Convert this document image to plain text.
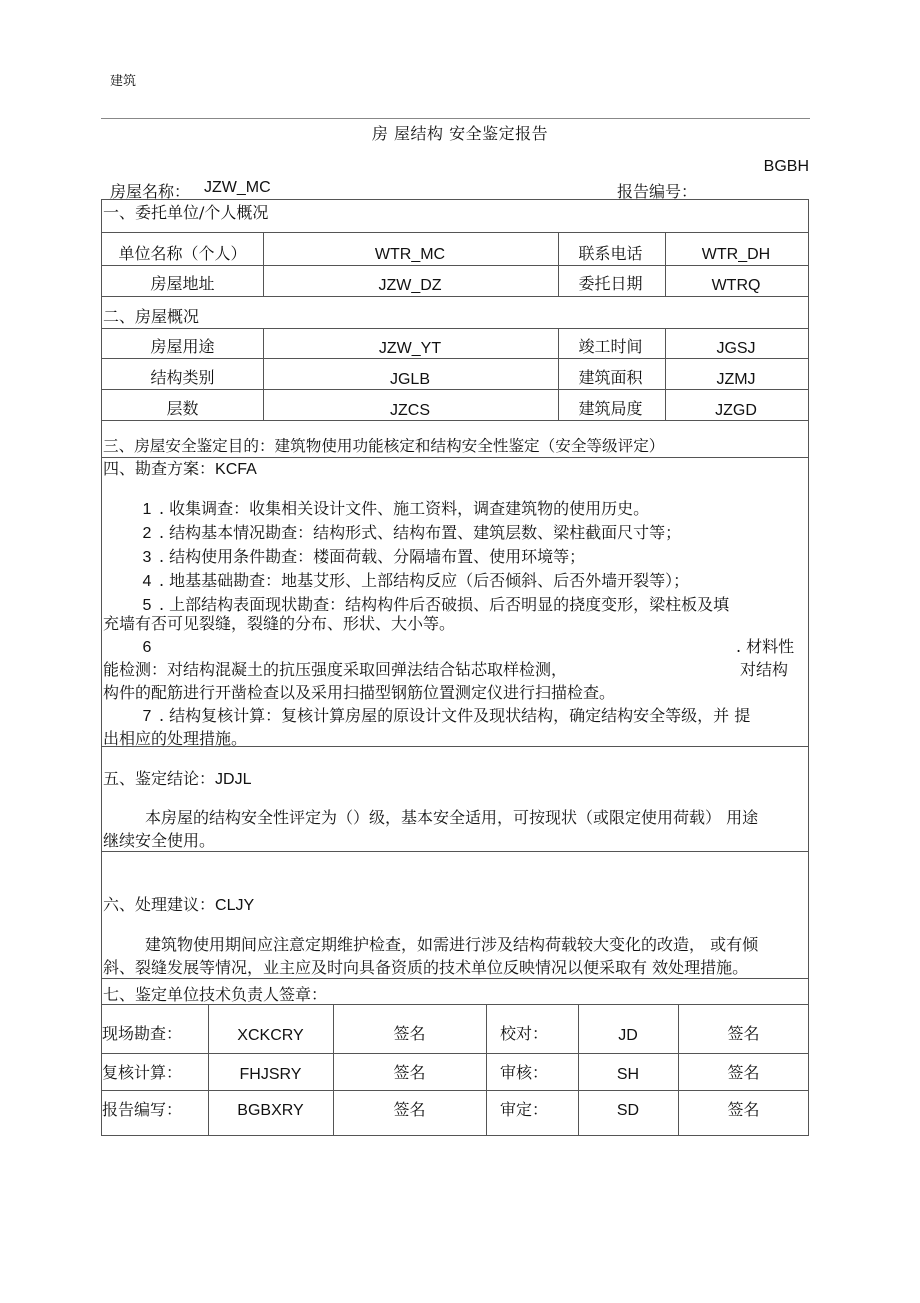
建筑
房 屋结构 安全鉴定报告
BGBH
房屋名称： JZW_MC	报告编号：
一、委托单位/个人概况
单位名称（个人）	WTR_MC	联系电话	WTR_DH
房屋地址	JZW_DZ	委托日期	WTRQ
二、房屋概况
房屋用途	JZW_YT	竣工时间	JGSJ
结构类别	JGLB	建筑面积	JZMJ
层数	JZCS	建筑局度	JZGD
三、房屋安全鉴定目的：建筑物使用功能核定和结构安全性鉴定（安全等级评定）
四、勘查方案：KCFA
1 . 收集调查：收集相关设计文件、施工资料，调查建筑物的使用历史。
2 . 结构基本情况勘查：结构形式、结构布置、建筑层数、梁柱截面尺寸等；
3 . 结构使用条件勘查：楼面荷载、分隔墙布置、使用环境等；
4 . 地基基础勘查：地基艾形、上部结构反应（后否倾斜、后否外墙开裂等）；
5 . 上部结构表面现状勘查：结构构件后否破损、后否明显的挠度变形，梁柱板及填
充墙有否可见裂缝，裂缝的分布、形状、大小等。
6	. 材料性
能检测：对结构混凝土的抗压强度采取回弹法结合钻芯取样检测，	对结构
构件的配筋进行开凿检查以及采用扫描型钢筋位置测定仪进行扫描检查。
7 . 结构复核计算：复核计算房屋的原设计文件及现状结构，确定结构安全等级，并 提
出相应的处理措施。
五、鉴定结论：JDJL
本房屋的结构安全性评定为（）级，基本安全适用，可按现状（或限定使用荷载） 用途
继续安全使用。
六、处理建议：CLJY
建筑物使用期间应注意定期维护检查，如需进行涉及结构荷载较大变化的改造， 或有倾
斜、裂缝发展等情况，业主应及时向具备资质的技术单位反映情况以便采取有 效处理措施。
七、鉴定单位技术负责人签章：
现场勘查：	XCKCRY	签名	校对：	JD	签名
复核计算：	FHJSRY	签名	审核：	SH	签名
报告编写：	BGBXRY	签名	审定：	SD	签名
